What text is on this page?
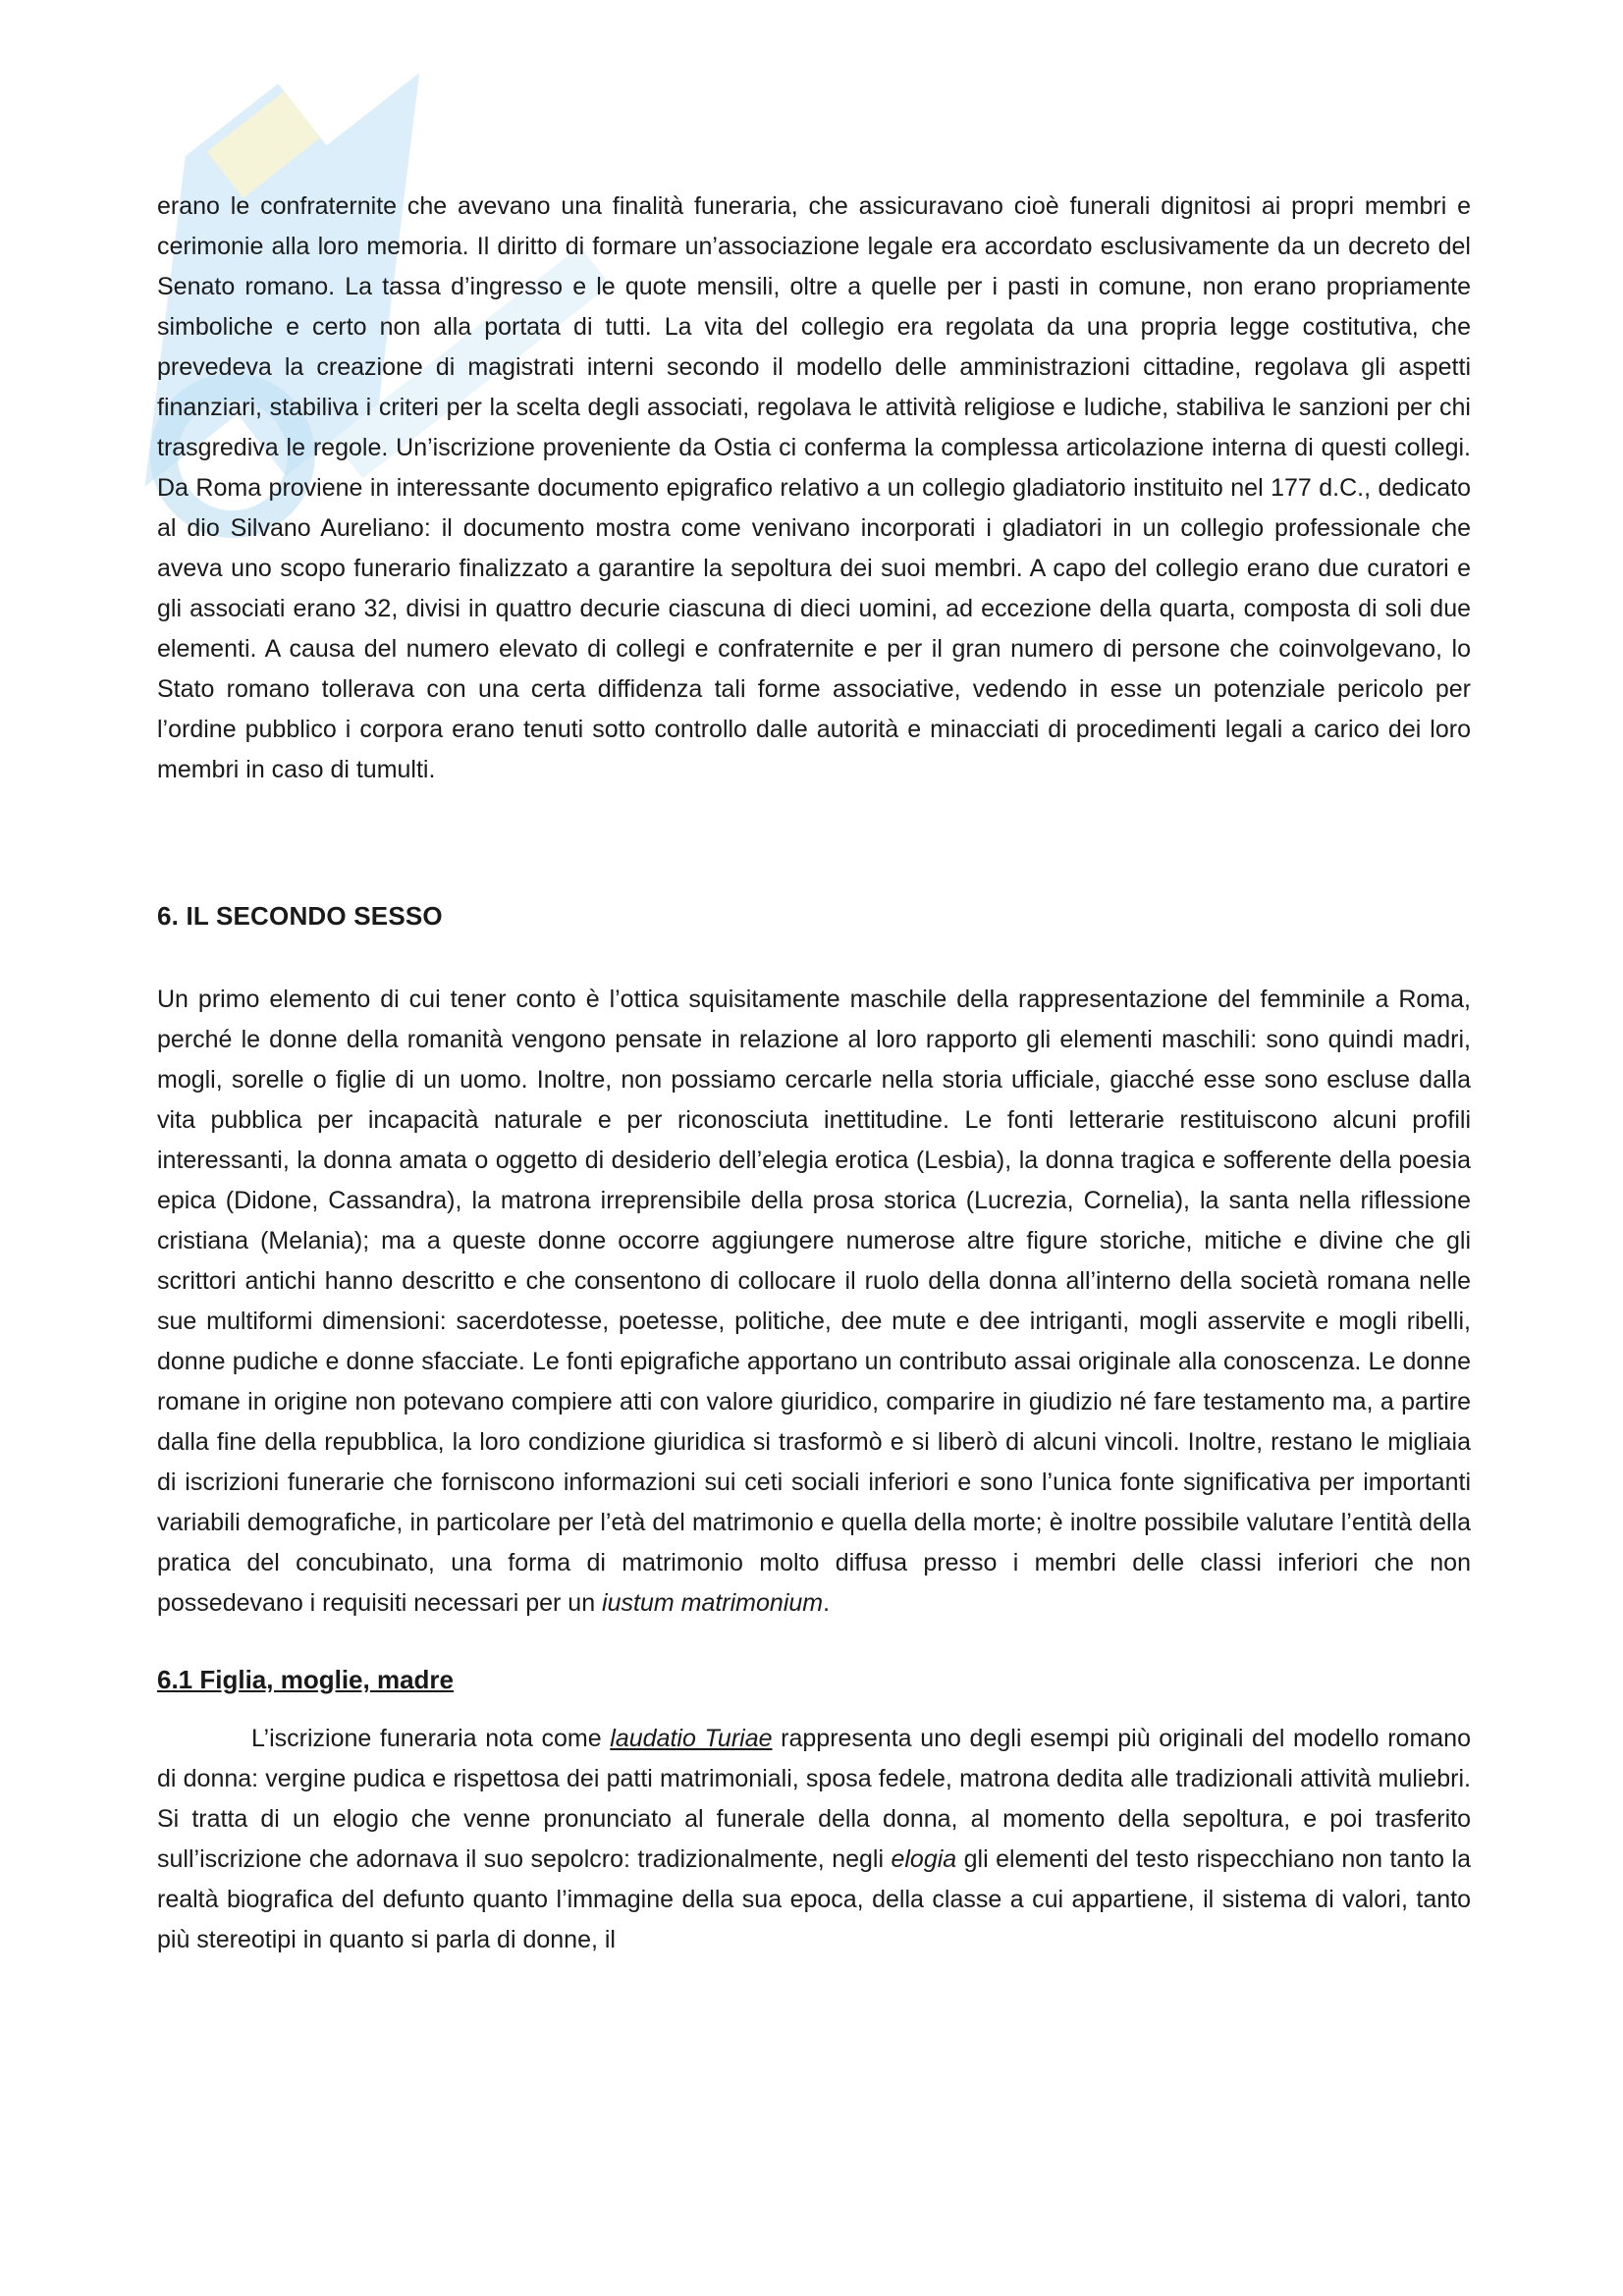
erano le confraternite che avevano una finalità funeraria, che assicuravano cioè funerali dignitosi ai propri membri e cerimonie alla loro memoria. Il diritto di formare un’associazione legale era accordato esclusivamente da un decreto del Senato romano. La tassa d’ingresso e le quote mensili, oltre a quelle per i pasti in comune, non erano propriamente simboliche e certo non alla portata di tutti. La vita del collegio era regolata da una propria legge costitutiva, che prevedeva la creazione di magistrati interni secondo il modello delle amministrazioni cittadine, regolava gli aspetti finanziari, stabiliva i criteri per la scelta degli associati, regolava le attività religiose e ludiche, stabiliva le sanzioni per chi trasgrediva le regole. Un’iscrizione proveniente da Ostia ci conferma la complessa articolazione interna di questi collegi. Da Roma proviene in interessante documento epigrafico relativo a un collegio gladiatorio instituito nel 177 d.C., dedicato al dio Silvano Aureliano: il documento mostra come venivano incorporati i gladiatori in un collegio professionale che aveva uno scopo funerario finalizzato a garantire la sepoltura dei suoi membri. A capo del collegio erano due curatori e gli associati erano 32, divisi in quattro decurie ciascuna di dieci uomini, ad eccezione della quarta, composta di soli due elementi. A causa del numero elevato di collegi e confraternite e per il gran numero di persone che coinvolgevano, lo Stato romano tollerava con una certa diffidenza tali forme associative, vedendo in esse un potenziale pericolo per l’ordine pubblico i corpora erano tenuti sotto controllo dalle autorità e minacciati di procedimenti legali a carico dei loro membri in caso di tumulti.

6. IL SECONDO SESSO

Un primo elemento di cui tener conto è l’ottica squisitamente maschile della rappresentazione del femminile a Roma, perché le donne della romanità vengono pensate in relazione al loro rapporto gli elementi maschili: sono quindi madri, mogli, sorelle o figlie di un uomo. Inoltre, non possiamo cercarle nella storia ufficiale, giacché esse sono escluse dalla vita pubblica per incapacità naturale e per riconosciuta inettitudine. Le fonti letterarie restituiscono alcuni profili interessanti, la donna amata o oggetto di desiderio dell’elegia erotica (Lesbia), la donna tragica e sofferente della poesia epica (Didone, Cassandra), la matrona irreprensibile della prosa storica (Lucrezia, Cornelia), la santa nella riflessione cristiana (Melania); ma a queste donne occorre aggiungere numerose altre figure storiche, mitiche e divine che gli scrittori antichi hanno descritto e che consentono di collocare il ruolo della donna all’interno della società romana nelle sue multiformi dimensioni: sacerdotesse, poetesse, politiche, dee mute e dee intriganti, mogli asservite e mogli ribelli, donne pudiche e donne sfacciate. Le fonti epigrafiche apportano un contributo assai originale alla conoscenza. Le donne romane in origine non potevano compiere atti con valore giuridico, comparire in giudizio né fare testamento ma, a partire dalla fine della repubblica, la loro condizione giuridica si trasformò e si liberò di alcuni vincoli. Inoltre, restano le migliaia di iscrizioni funerarie che forniscono informazioni sui ceti sociali inferiori e sono l’unica fonte significativa per importanti variabili demografiche, in particolare per l’età del matrimonio e quella della morte; è inoltre possibile valutare l’entità della pratica del concubinato, una forma di matrimonio molto diffusa presso i membri delle classi inferiori che non possedevano i requisiti necessari per un iustum matrimonium.

6.1 Figlia, moglie, madre

L’iscrizione funeraria nota come laudatio Turiae rappresenta uno degli esempi più originali del modello romano di donna: vergine pudica e rispettosa dei patti matrimoniali, sposa fedele, matrona dedita alle tradizionali attività muliebri. Si tratta di un elogio che venne pronunciato al funerale della donna, al momento della sepoltura, e poi trasferito sull’iscrizione che adornava il suo sepolcro: tradizionalmente, negli elogia gli elementi del testo rispecchiano non tanto la realtà biografica del defunto quanto l’immagine della sua epoca, della classe a cui appartiene, il sistema di valori, tanto più stereotipi in quanto si parla di donne, il
